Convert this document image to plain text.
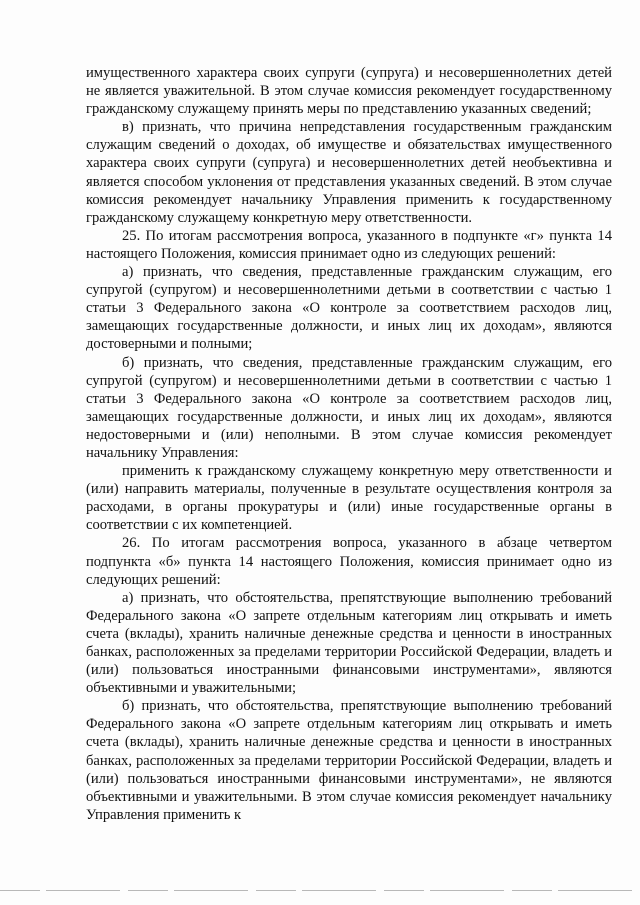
имущественного характера своих супруги (супруга) и несовершеннолетних детей не является уважительной. В этом случае комиссия рекомендует государственному гражданскому служащему принять меры по представлению указанных сведений;

в) признать, что причина непредставления государственным гражданским служащим сведений о доходах, об имуществе и обязательствах имущественного характера своих супруги (супруга) и несовершеннолетних детей необъективна и является способом уклонения от представления указанных сведений. В этом случае комиссия рекомендует начальнику Управления применить к государственному гражданскому служащему конкретную меру ответственности.

25. По итогам рассмотрения вопроса, указанного в подпункте «г» пункта 14 настоящего Положения, комиссия принимает одно из следующих решений:

а) признать, что сведения, представленные гражданским служащим, его супругой (супругом) и несовершеннолетними детьми в соответствии с частью 1 статьи 3 Федерального закона «О контроле за соответствием расходов лиц, замещающих государственные должности, и иных лиц их доходам», являются достоверными и полными;

б) признать, что сведения, представленные гражданским служащим, его супругой (супругом) и несовершеннолетними детьми в соответствии с частью 1 статьи 3 Федерального закона «О контроле за соответствием расходов лиц, замещающих государственные должности, и иных лиц их доходам», являются недостоверными и (или) неполными. В этом случае комиссия рекомендует начальнику Управления:

применить к гражданскому служащему конкретную меру ответственности и (или) направить материалы, полученные в результате осуществления контроля за расходами, в органы прокуратуры и (или) иные государственные органы в соответствии с их компетенцией.

26. По итогам рассмотрения вопроса, указанного в абзаце четвертом подпункта «б» пункта 14 настоящего Положения, комиссия принимает одно из следующих решений:

а) признать, что обстоятельства, препятствующие выполнению требований Федерального закона «О запрете отдельным категориям лиц открывать и иметь счета (вклады), хранить наличные денежные средства и ценности в иностранных банках, расположенных за пределами территории Российской Федерации, владеть и (или) пользоваться иностранными финансовыми инструментами», являются объективными и уважительными;

б) признать, что обстоятельства, препятствующие выполнению требований Федерального закона «О запрете отдельным категориям лиц открывать и иметь счета (вклады), хранить наличные денежные средства и ценности в иностранных банках, расположенных за пределами территории Российской Федерации, владеть и (или) пользоваться иностранными финансовыми инструментами», не являются объективными и уважительными. В этом случае комиссия рекомендует начальнику Управления применить к
